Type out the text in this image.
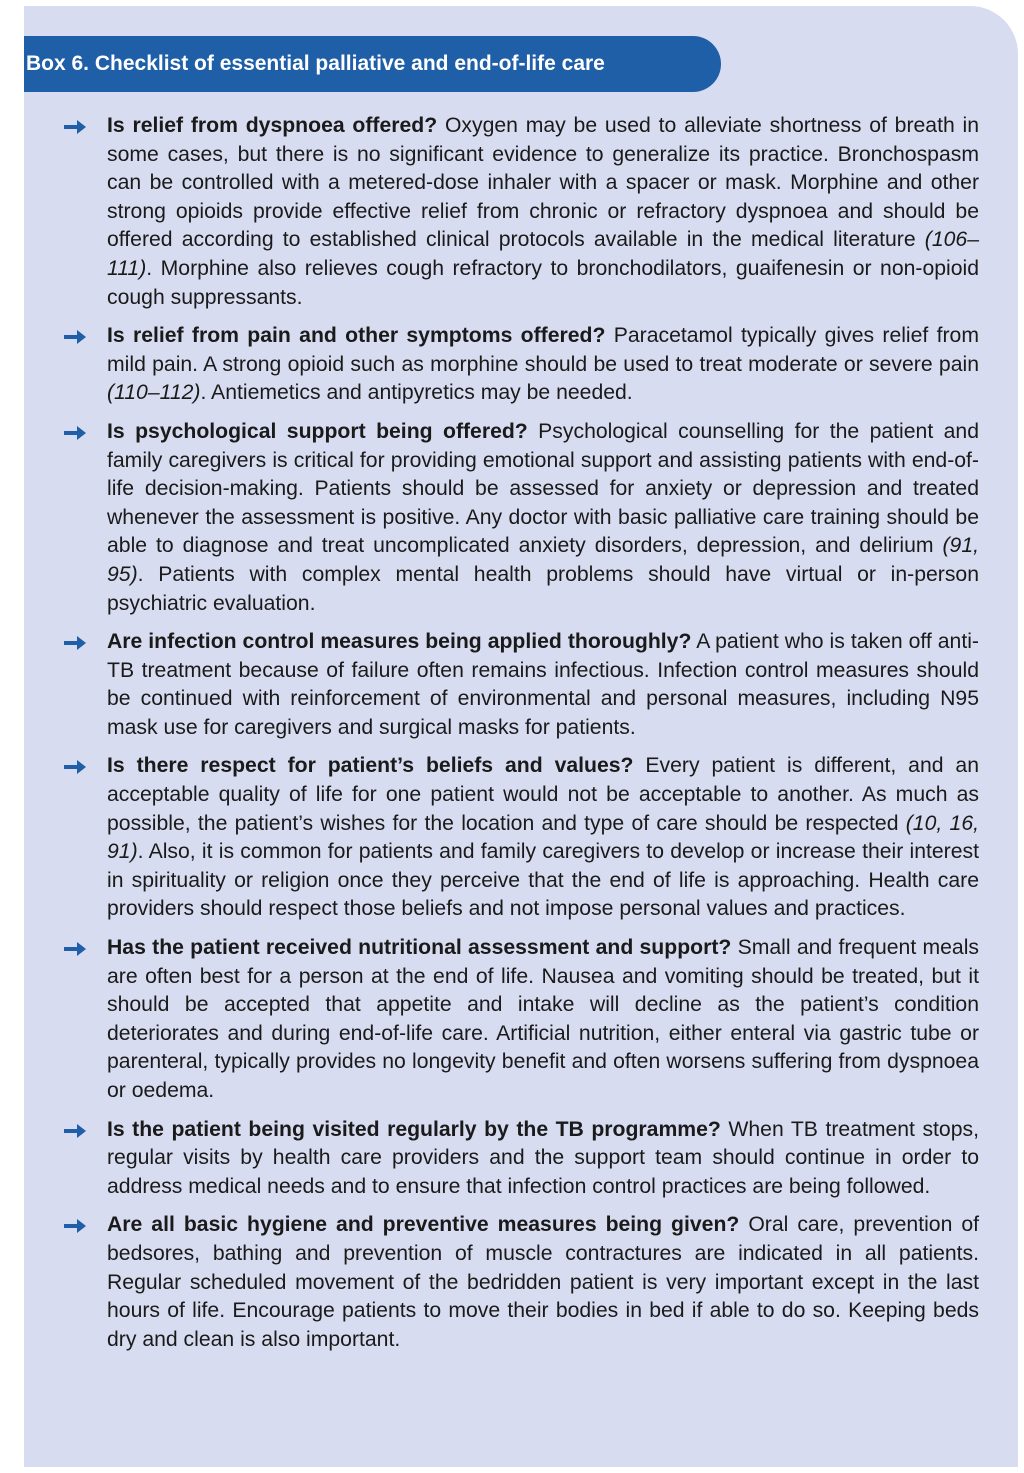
Box 6. Checklist of essential palliative and end-of-life care
Is relief from dyspnoea offered? Oxygen may be used to alleviate shortness of breath in some cases, but there is no significant evidence to generalize its practice. Bronchospasm can be controlled with a metered-dose inhaler with a spacer or mask. Morphine and other strong opioids provide effective relief from chronic or refractory dyspnoea and should be offered according to established clinical protocols available in the medical literature (106–111). Morphine also relieves cough refractory to bronchodilators, guaifenesin or non-opioid cough suppressants.
Is relief from pain and other symptoms offered? Paracetamol typically gives relief from mild pain. A strong opioid such as morphine should be used to treat moderate or severe pain (110–112). Antiemetics and antipyretics may be needed.
Is psychological support being offered? Psychological counselling for the patient and family caregivers is critical for providing emotional support and assisting patients with end-of-life decision-making. Patients should be assessed for anxiety or depression and treated whenever the assessment is positive. Any doctor with basic palliative care training should be able to diagnose and treat uncomplicated anxiety disorders, depression, and delirium (91, 95). Patients with complex mental health problems should have virtual or in-person psychiatric evaluation.
Are infection control measures being applied thoroughly? A patient who is taken off anti-TB treatment because of failure often remains infectious. Infection control measures should be continued with reinforcement of environmental and personal measures, including N95 mask use for caregivers and surgical masks for patients.
Is there respect for patient’s beliefs and values? Every patient is different, and an acceptable quality of life for one patient would not be acceptable to another. As much as possible, the patient’s wishes for the location and type of care should be respected (10, 16, 91). Also, it is common for patients and family caregivers to develop or increase their interest in spirituality or religion once they perceive that the end of life is approaching. Health care providers should respect those beliefs and not impose personal values and practices.
Has the patient received nutritional assessment and support? Small and frequent meals are often best for a person at the end of life. Nausea and vomiting should be treated, but it should be accepted that appetite and intake will decline as the patient’s condition deteriorates and during end-of-life care. Artificial nutrition, either enteral via gastric tube or parenteral, typically provides no longevity benefit and often worsens suffering from dyspnoea or oedema.
Is the patient being visited regularly by the TB programme? When TB treatment stops, regular visits by health care providers and the support team should continue in order to address medical needs and to ensure that infection control practices are being followed.
Are all basic hygiene and preventive measures being given? Oral care, prevention of bedsores, bathing and prevention of muscle contractures are indicated in all patients. Regular scheduled movement of the bedridden patient is very important except in the last hours of life. Encourage patients to move their bodies in bed if able to do so. Keeping beds dry and clean is also important.
